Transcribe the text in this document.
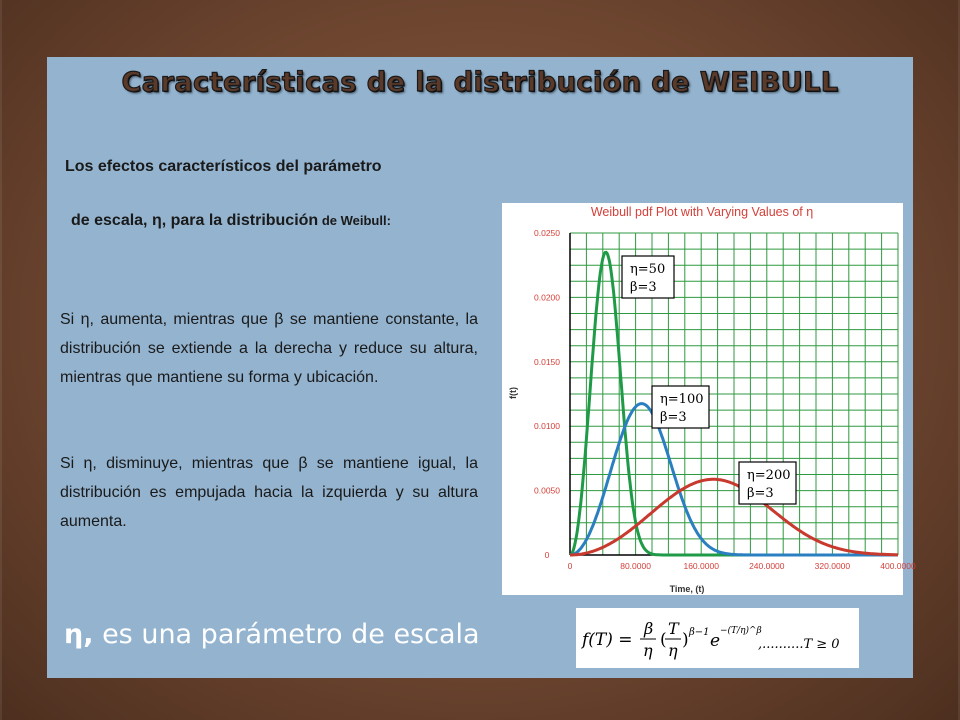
Características de la distribución de WEIBULL
Los efectos característicos del parámetro
de escala, η, para la distribución de Weibull:
Si η, aumenta, mientras que β se mantiene constante, la distribución se extiende a la derecha y reduce su altura, mientras que mantiene su forma y ubicación.
Si η, disminuye, mientras que β se mantiene igual, la distribución es empujada hacia la izquierda y su altura aumenta.
η, es una parámetro de escala
Weibull pdf Plot with Varying Values of η
0
0.0050
0.0100
0.0150
0.0200
0.0250
0	80.0000	160.0000	240.0000	320.0000	400.0000
Time, (t)
f(t)
η=50
β=3
η=100
β=3
η=200
β=3
f(T) =
β
η
(
T
η
) β−1 e −(T/η)^β
,..........T ≥ 0
